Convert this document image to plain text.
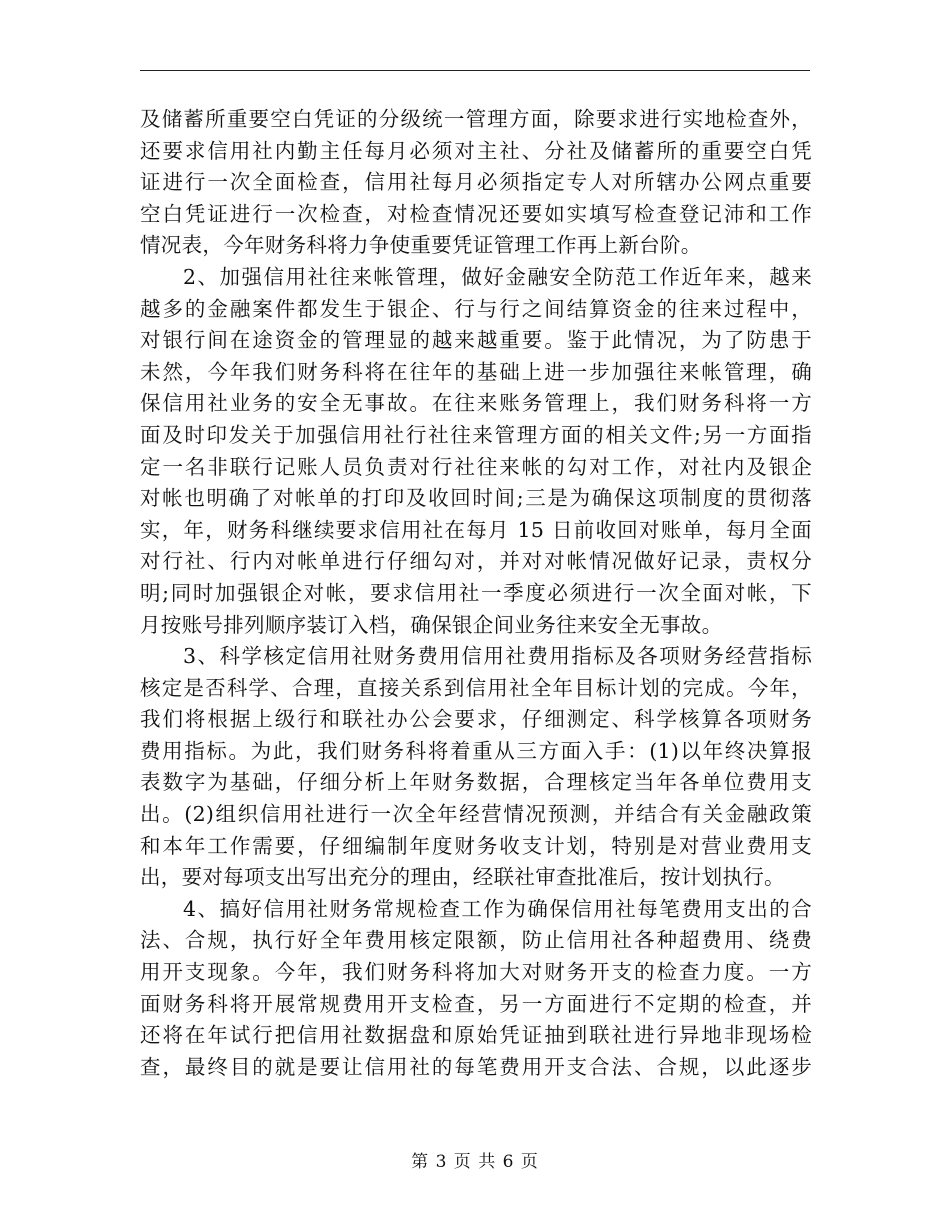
及储蓄所重要空白凭证的分级统一管理方面，除要求进行实地检查外，
还要求信用社内勤主任每月必须对主社、分社及储蓄所的重要空白凭
证进行一次全面检查，信用社每月必须指定专人对所辖办公网点重要
空白凭证进行一次检查，对检查情况还要如实填写检查登记沛和工作
情况表，今年财务科将力争使重要凭证管理工作再上新台阶。
2、加强信用社往来帐管理，做好金融安全防范工作近年来，越来
越多的金融案件都发生于银企、行与行之间结算资金的往来过程中，
对银行间在途资金的管理显的越来越重要。鉴于此情况，为了防患于
未然，今年我们财务科将在往年的基础上进一步加强往来帐管理，确
保信用社业务的安全无事故。在往来账务管理上，我们财务科将一方
面及时印发关于加强信用社行社往来管理方面的相关文件;另一方面指
定一名非联行记账人员负责对行社往来帐的勾对工作，对社内及银企
对帐也明确了对帐单的打印及收回时间;三是为确保这项制度的贯彻落
实，年，财务科继续要求信用社在每月 15 日前收回对账单，每月全面
对行社、行内对帐单进行仔细勾对，并对对帐情况做好记录，责权分
明;同时加强银企对帐，要求信用社一季度必须进行一次全面对帐，下
月按账号排列顺序装订入档，确保银企间业务往来安全无事故。
3、科学核定信用社财务费用信用社费用指标及各项财务经营指标
核定是否科学、合理，直接关系到信用社全年目标计划的完成。今年，
我们将根据上级行和联社办公会要求，仔细测定、科学核算各项财务
费用指标。为此，我们财务科将着重从三方面入手：(1)以年终决算报
表数字为基础，仔细分析上年财务数据，合理核定当年各单位费用支
出。(2)组织信用社进行一次全年经营情况预测，并结合有关金融政策
和本年工作需要，仔细编制年度财务收支计划，特别是对营业费用支
出，要对每项支出写出充分的理由，经联社审查批准后，按计划执行。
4、搞好信用社财务常规检查工作为确保信用社每笔费用支出的合
法、合规，执行好全年费用核定限额，防止信用社各种超费用、绕费
用开支现象。今年，我们财务科将加大对财务开支的检查力度。一方
面财务科将开展常规费用开支检查，另一方面进行不定期的检查，并
还将在年试行把信用社数据盘和原始凭证抽到联社进行异地非现场检
查，最终目的就是要让信用社的每笔费用开支合法、合规，以此逐步
第 3 页 共 6 页
